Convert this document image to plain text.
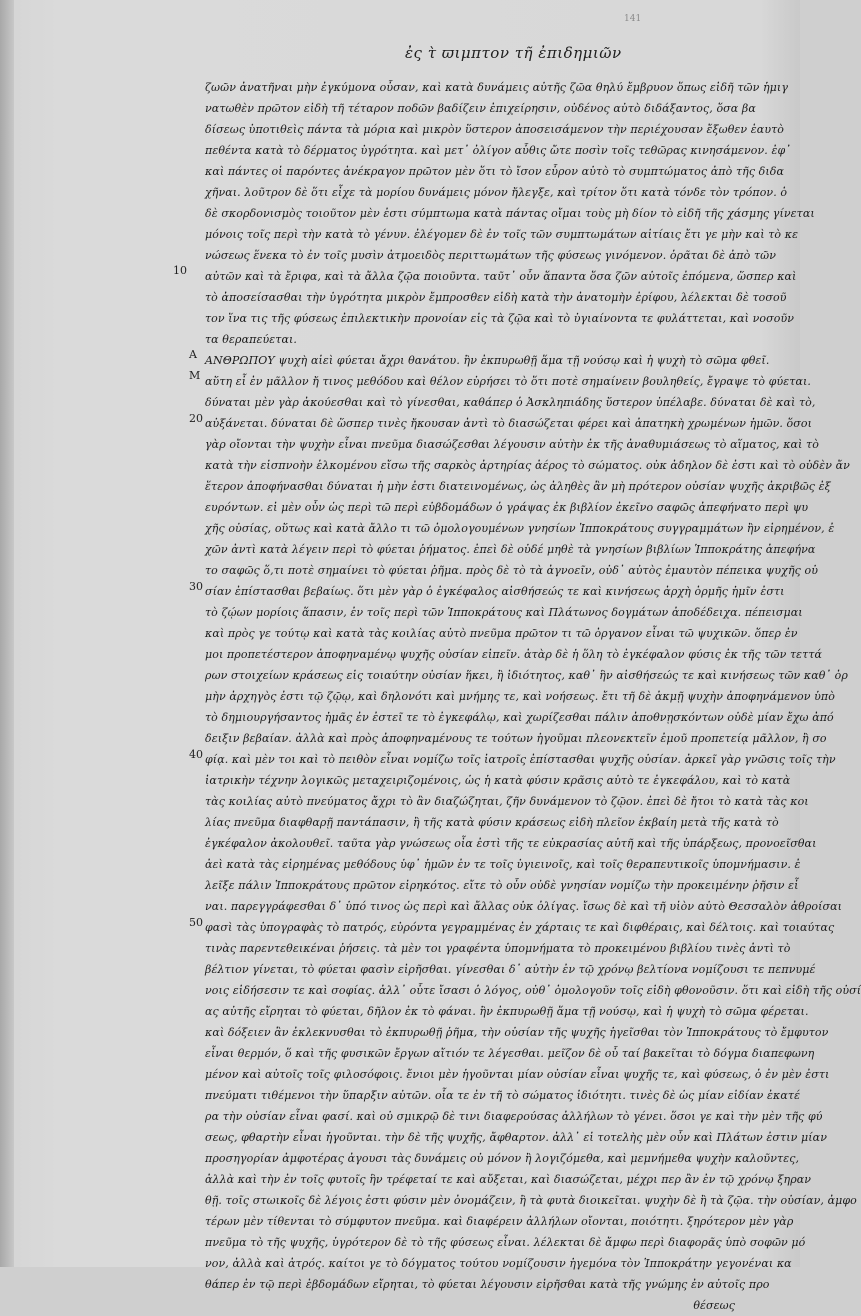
141
ἐς τ̀ ϖιμπτον τῆ ἐπιδημιῶν
10
20
30
40
50
A
M
ζωῶν ἀνατῆναι μὴν ἐγκύμονα οὖσαν, καὶ κατὰ δυνάμεις αὐτῆς ζῶα θηλύ ἔμβρυον ὅπως εἰδῆ τῶν ἡμιγ
νατωθὲν πρῶτον εἰδὴ τῆ τέταρον ποδῶν βαδίζειν ἐπιχείρησιν, οὐδένος αὐτὸ διδάξαντος, ὅσα βα
δίσεως ὑποτιθεὶς πάντα τὰ μόρια καὶ μικρὸν ὕστερον ἀποσεισάμενον τὴν περιέχουσαν ἔξωθεν ἑαυτὸ
πεθέντα κατὰ τὸ δέρματος ὑγρότητα. καὶ μετ᾽ ὀλίγον αὖθις ὤτε ποσὶν τοῖς τεθῶρας κινησάμενον. ἐφ᾽
καὶ πάντες οἱ παρόντες ἀνέκραγον πρῶτον μὲν ὅτι τὸ ἴσον εὖρον αὐτὸ τὸ συμπτώματος ἀπὸ τῆς διδα
χῆναι. λοῦτρον δὲ ὅτι εἶχε τὰ μορίου δυνάμεις μόνον ἤλεγξε, καὶ τρίτον ὅτι κατὰ τόνδε τὸν τρόπον. ὁ
δὲ σκορδονισμὸς τοιοῦτον μὲν ἐστι σύμπτωμα κατὰ πάντας οἴμαι τοὺς μὴ δίον τὸ εἰδῆ τῆς χάσμης γίνεται
μόνοις τοῖς περὶ τὴν κατὰ τὸ γένυν. ἐλέγομεν δὲ ἐν τοῖς τῶν συμπτωμάτων αἰτίαις ἔτι γε μὴν καὶ τὸ κε
νώσεως ἕνεκα τὸ ἐν τοῖς μυσὶν ἀτμοειδὸς περιττωμάτων τῆς φύσεως γινόμενον. ὁρᾶται δὲ ἀπὸ τῶν
αὐτῶν καὶ τὰ ἔριφα, καὶ τὰ ἄλλα ζῷα ποιοῦντα. ταῦτ᾽ οὖν ἅπαντα ὅσα ζῶν αὐτοῖς ἐπόμενα, ὥσπερ καὶ
τὸ ἀποσείσασθαι τὴν ὑγρότητα μικρὸν ἔμπροσθεν εἰδὴ κατὰ τὴν ἀνατομὴν ἐρίφου, λέλεκται δὲ τοσοῦ
τον ἵνα τις τῆς φύσεως ἐπιλεκτικὴν προνοίαν εἰς τὰ ζῷα καὶ τὸ ὑγιαίνοντα τε φυλάττεται, καὶ νοσοῦν
τα θεραπεύεται.
ΑΝΘΡΩΠΟΥ ψυχὴ αἰεὶ φύεται ἄχρι θανάτου. ἢν ἐκπυρωθῇ ἅμα τῇ νούσῳ καὶ ἡ ψυχὴ τὸ σῶμα φθεῖ.
αὕτη εἶ ἐν μᾶλλον ἤ τινος μεθόδου καὶ θέλον εὑρήσει τὸ ὅτι ποτὲ σημαίνειν βουληθείς, ἔγραψε τὸ φύεται.
δύναται μὲν γὰρ ἀκούεσθαι καὶ τὸ γίνεσθαι, καθάπερ ὁ Ἀσκληπιάδης ὕστερον ὑπέλαβε. δύναται δὲ καὶ τὸ,
αὐξάνεται. δύναται δὲ ὥσπερ τινὲς ἤκουσαν ἀντὶ τὸ διασώζεται φέρει καὶ ἀπατηκὴ χρωμένων ἡμῶν. ὅσοι
γὰρ οἴονται τὴν ψυχὴν εἶναι πνεῦμα διασώζεσθαι λέγουσιν αὐτὴν ἐκ τῆς ἀναθυμιάσεως τὸ αἵματος, καὶ τὸ
κατὰ τὴν εἰσπνοὴν ἑλκομένου εἴσω τῆς σαρκὸς ἀρτηρίας ἀέρος τὸ σώματος. οὐκ ἀδηλον δὲ ἐστι καὶ τὸ οὐδὲν ἄν
ἕτερον ἀποφήνασθαι δύναται ἡ μὴν ἐστι διατεινομένως, ὡς ἀληθὲς ἂν μὴ πρότερον οὐσίαν ψυχῆς ἀκριβῶς ἐξ
ευρόντων. εἰ μὲν οὖν ὡς περὶ τῶ περὶ εὐβδομάδων ὁ γράψας ἐκ βιβλίον ἐκεῖνο σαφῶς ἀπεφήνατο περὶ ψυ
χῆς οὐσίας, οὕτως καὶ κατὰ ἄλλο τι τῶ ὁμολογουμένων γνησίων Ἱπποκράτους συγγραμμάτων ἢν εἰρημένον, ἐ
χῶν ἀντὶ κατὰ λέγειν περὶ τὸ φύεται ῥήματος. ἐπεὶ δὲ οὐδέ μηθὲ τὰ γνησίων βιβλίων Ἱπποκράτης ἀπεφήνα
το σαφῶς ὅ,τι ποτὲ σημαίνει τὸ φύεται ῥῆμα. πρὸς δὲ τὸ τὰ ἀγνοεῖν, οὐδ᾽ αὐτὸς ἐμαυτὸν πέπεικα ψυχῆς οὐ
σίαν ἐπίστασθαι βεβαίως. ὅτι μὲν γὰρ ὁ ἐγκέφαλος αἰσθήσεώς τε καὶ κινήσεως ἀρχὴ ὁρμῆς ἡμῖν ἐστι
τὸ ζῴων μορίοις ἅπασιν, ἐν τοῖς περὶ τῶν Ἱπποκράτους καὶ Πλάτωνος δογμάτων ἀποδέδειχα. πέπεισμαι
καὶ πρὸς γε τούτῳ καὶ κατὰ τὰς κοιλίας αὐτὸ πνεῦμα πρῶτον τι τῶ ὀργανον εἶναι τῶ ψυχικῶν. ὅπερ ἐν
μοι προπετέστερον ἀποφηναμένῳ ψυχῆς οὐσίαν εἰπεῖν. ἀτὰρ δὲ ἡ ὅλη τὸ ἐγκέφαλον φύσις ἐκ τῆς τῶν τεττά
ρων στοιχείων κράσεως εἰς τοιαύτην οὐσίαν ἥκει, ἢ ἰδιότητος, καθ᾽ ἣν αἰσθήσεώς τε καὶ κινήσεως τῶν καθ᾽ ὁρ
μὴν ἀρχηγὸς ἐστι τῷ ζῷῳ, καὶ δηλονότι καὶ μνήμης τε, καὶ νοήσεως. ἔτι τῆ δὲ ἀκμῇ ψυχὴν ἀποφηνάμενον ὑπὸ
τὸ δημιουργήσαντος ἡμᾶς ἐν ἐστεῖ τε τὸ ἐγκεφάλῳ, καὶ χωρίζεσθαι πάλιν ἀποθνῃσκόντων οὐδὲ μίαν ἔχω ἀπό
δειξιν βεβαίαν. ἀλλὰ καὶ πρὸς ἀποφηναμένους τε τούτων ἡγοῦμαι πλεονεκτεῖν ἐμοῦ προπετείᾳ μᾶλλον, ἢ σο
φίᾳ. καὶ μὲν τοι καὶ τὸ πειθὸν εἶναι νομίζω τοῖς ἰατροῖς ἐπίστασθαι ψυχῆς οὐσίαν. ἀρκεῖ γὰρ γνῶσις τοῖς τὴν
ἰατρικὴν τέχνην λογικῶς μεταχειριζομένοις, ὡς ἡ κατὰ φύσιν κρᾶσις αὐτὸ τε ἐγκεφάλου, καὶ τὸ κατὰ
τὰς κοιλίας αὐτὸ πνεύματος ἄχρι τὸ ἂν διαζώζηται, ζῆν δυνάμενον τὸ ζῷον. ἐπεὶ δὲ ἤτοι τὸ κατὰ τὰς κοι
λίας πνεῦμα διαφθαρῇ παντάπασιν, ἢ τῆς κατὰ φύσιν κράσεως εἰδὴ πλεῖον ἐκβαίη μετὰ τῆς κατὰ τὸ
ἐγκέφαλον ἀκολουθεῖ. ταῦτα γὰρ γνώσεως οἷα ἐστὶ τῆς τε εὐκρασίας αὐτῆ καὶ τῆς ὑπάρξεως, προνοεῖσθαι
ἀεὶ κατὰ τὰς εἰρημένας μεθόδους ὑφ᾽ ἡμῶν ἐν τε τοῖς ὑγιεινοῖς, καὶ τοῖς θεραπευτικοῖς ὑπομνήμασιν. ἐ
λεῖξε πάλιν Ἱπποκράτους πρῶτον εἰρηκότος. εἴτε τὸ οὖν οὐδὲ γνησίαν νομίζω τὴν προκειμένην ῥῆσιν εἶ
ναι. παρεγγράφεσθαι δ᾽ ὑπό τινος ὡς περὶ καὶ ἄλλας οὐκ ὀλίγας. ἴσως δὲ καὶ τῆ υἱὸν αὐτὸ Θεσσαλὸν ἀθροίσαι
φασὶ τὰς ὑπογραφὰς τὸ πατρός, εὑρόντα γεγραμμένας ἐν χάρταις τε καὶ διφθέραις, καὶ δέλτοις. καὶ τοιαύτας
τινὰς παρεντεθεικέναι ῥήσεις. τὰ μὲν τοι γραφέντα ὑπομνήματα τὸ προκειμένου βιβλίου τινὲς ἀντὶ τὸ
βέλτιον γίνεται, τὸ φύεται φασὶν εἰρῆσθαι. γίνεσθαι δ᾽ αὐτὴν ἐν τῷ χρόνῳ βελτίονα νομίζουσι τε πεπνυμέ
νοις εἰδήσεσιν τε καὶ σοφίας. ἀλλ᾽ οὗτε ἴσασι ὁ λόγος, οὐθ᾽ ὁμολογοῦν τοῖς εἰδὴ φθονοῦσιν. ὅτι καὶ εἰδὴ τῆς οὐσί
ας αὐτῆς εἴρηται τὸ φύεται, δῆλον ἐκ τὸ φάναι. ἢν ἐκπυρωθῇ ἅμα τῇ νούσῳ, καὶ ἡ ψυχὴ τὸ σῶμα φέρεται.
καὶ δόξειεν ἂν ἐκλεκνυσθαι τὸ ἐκπυρωθῇ ῥῆμα, τὴν οὐσίαν τῆς ψυχῆς ἡγεῖσθαι τὸν Ἱπποκράτους τὸ ἔμφυτον
εἶναι θερμόν, ὅ καὶ τῆς φυσικῶν ἔργων αἴτιόν τε λέγεσθαι. μεῖζον δὲ οὗ ταί βακεῖται τὸ δόγμα διαπεφωνη
μένον καὶ αὐτοῖς τοῖς φιλοσόφοις. ἔνιοι μὲν ἡγοῦνται μίαν οὐσίαν εἶναι ψυχῆς τε, καὶ φύσεως, ὁ ἐν μὲν ἐστι
πνεύματι τιθέμενοι τὴν ὕπαρξιν αὐτῶν. οἷα τε ἐν τῆ τὸ σώματος ἰδιότητι. τινὲς δὲ ὡς μίαν εἰδίαν ἐκατέ
ρα τὴν οὐσίαν εἶναι φασί. καὶ οὐ σμικρῷ δὲ τινι διαφερούσας ἀλλήλων τὸ γένει. ὅσοι γε καὶ τὴν μὲν τῆς φύ
σεως, φθαρτὴν εἶναι ἡγοῦνται. τὴν δὲ τῆς ψυχῆς, ἄφθαρτον. ἀλλ᾽ εἰ τοτελὴς μὲν οὖν καὶ Πλάτων ἐστιν μίαν
προσηγορίαν ἀμφοτέρας ἀγουσι τὰς δυνάμεις οὐ μόνον ἢ λογιζόμεθα, καὶ μεμνήμεθα ψυχὴν καλοῦντες,
ἀλλὰ καὶ τὴν ἐν τοῖς φυτοῖς ἣν τρέφεταί τε καὶ αὔξεται, καὶ διασώζεται, μέχρι περ ἂν ἐν τῷ χρόνῳ ξηραν
θῇ. τοῖς στωικοῖς δὲ λέγοις ἐστι φύσιν μὲν ὀνομάζειν, ἢ τὰ φυτὰ διοικεῖται. ψυχὴν δὲ ἢ τὰ ζῷα. τὴν οὐσίαν, ἀμφο
τέρων μὲν τίθενται τὸ σύμφυτον πνεῦμα. καὶ διαφέρειν ἀλλήλων οἴονται, ποιότητι. ξηρότερον μὲν γὰρ
πνεῦμα τὸ τῆς ψυχῆς, ὑγρότερον δὲ τὸ τῆς φύσεως εἶναι. λέλεκται δὲ ἄμφω περὶ διαφορᾶς ὑπὸ σοφῶν μό
νον, ἀλλὰ καὶ ἀτρός. καίτοι γε τὸ δόγματος τούτου νομίζουσιν ἡγεμόνα τὸν Ἱπποκράτην γεγονέναι κα
θάπερ ἐν τῷ περὶ ἑβδομάδων εἴρηται, τὸ φύεται λέγουσιν εἰρῆσθαι κατὰ τῆς γνώμης ἐν αὐτοῖς προ
θέσεως
